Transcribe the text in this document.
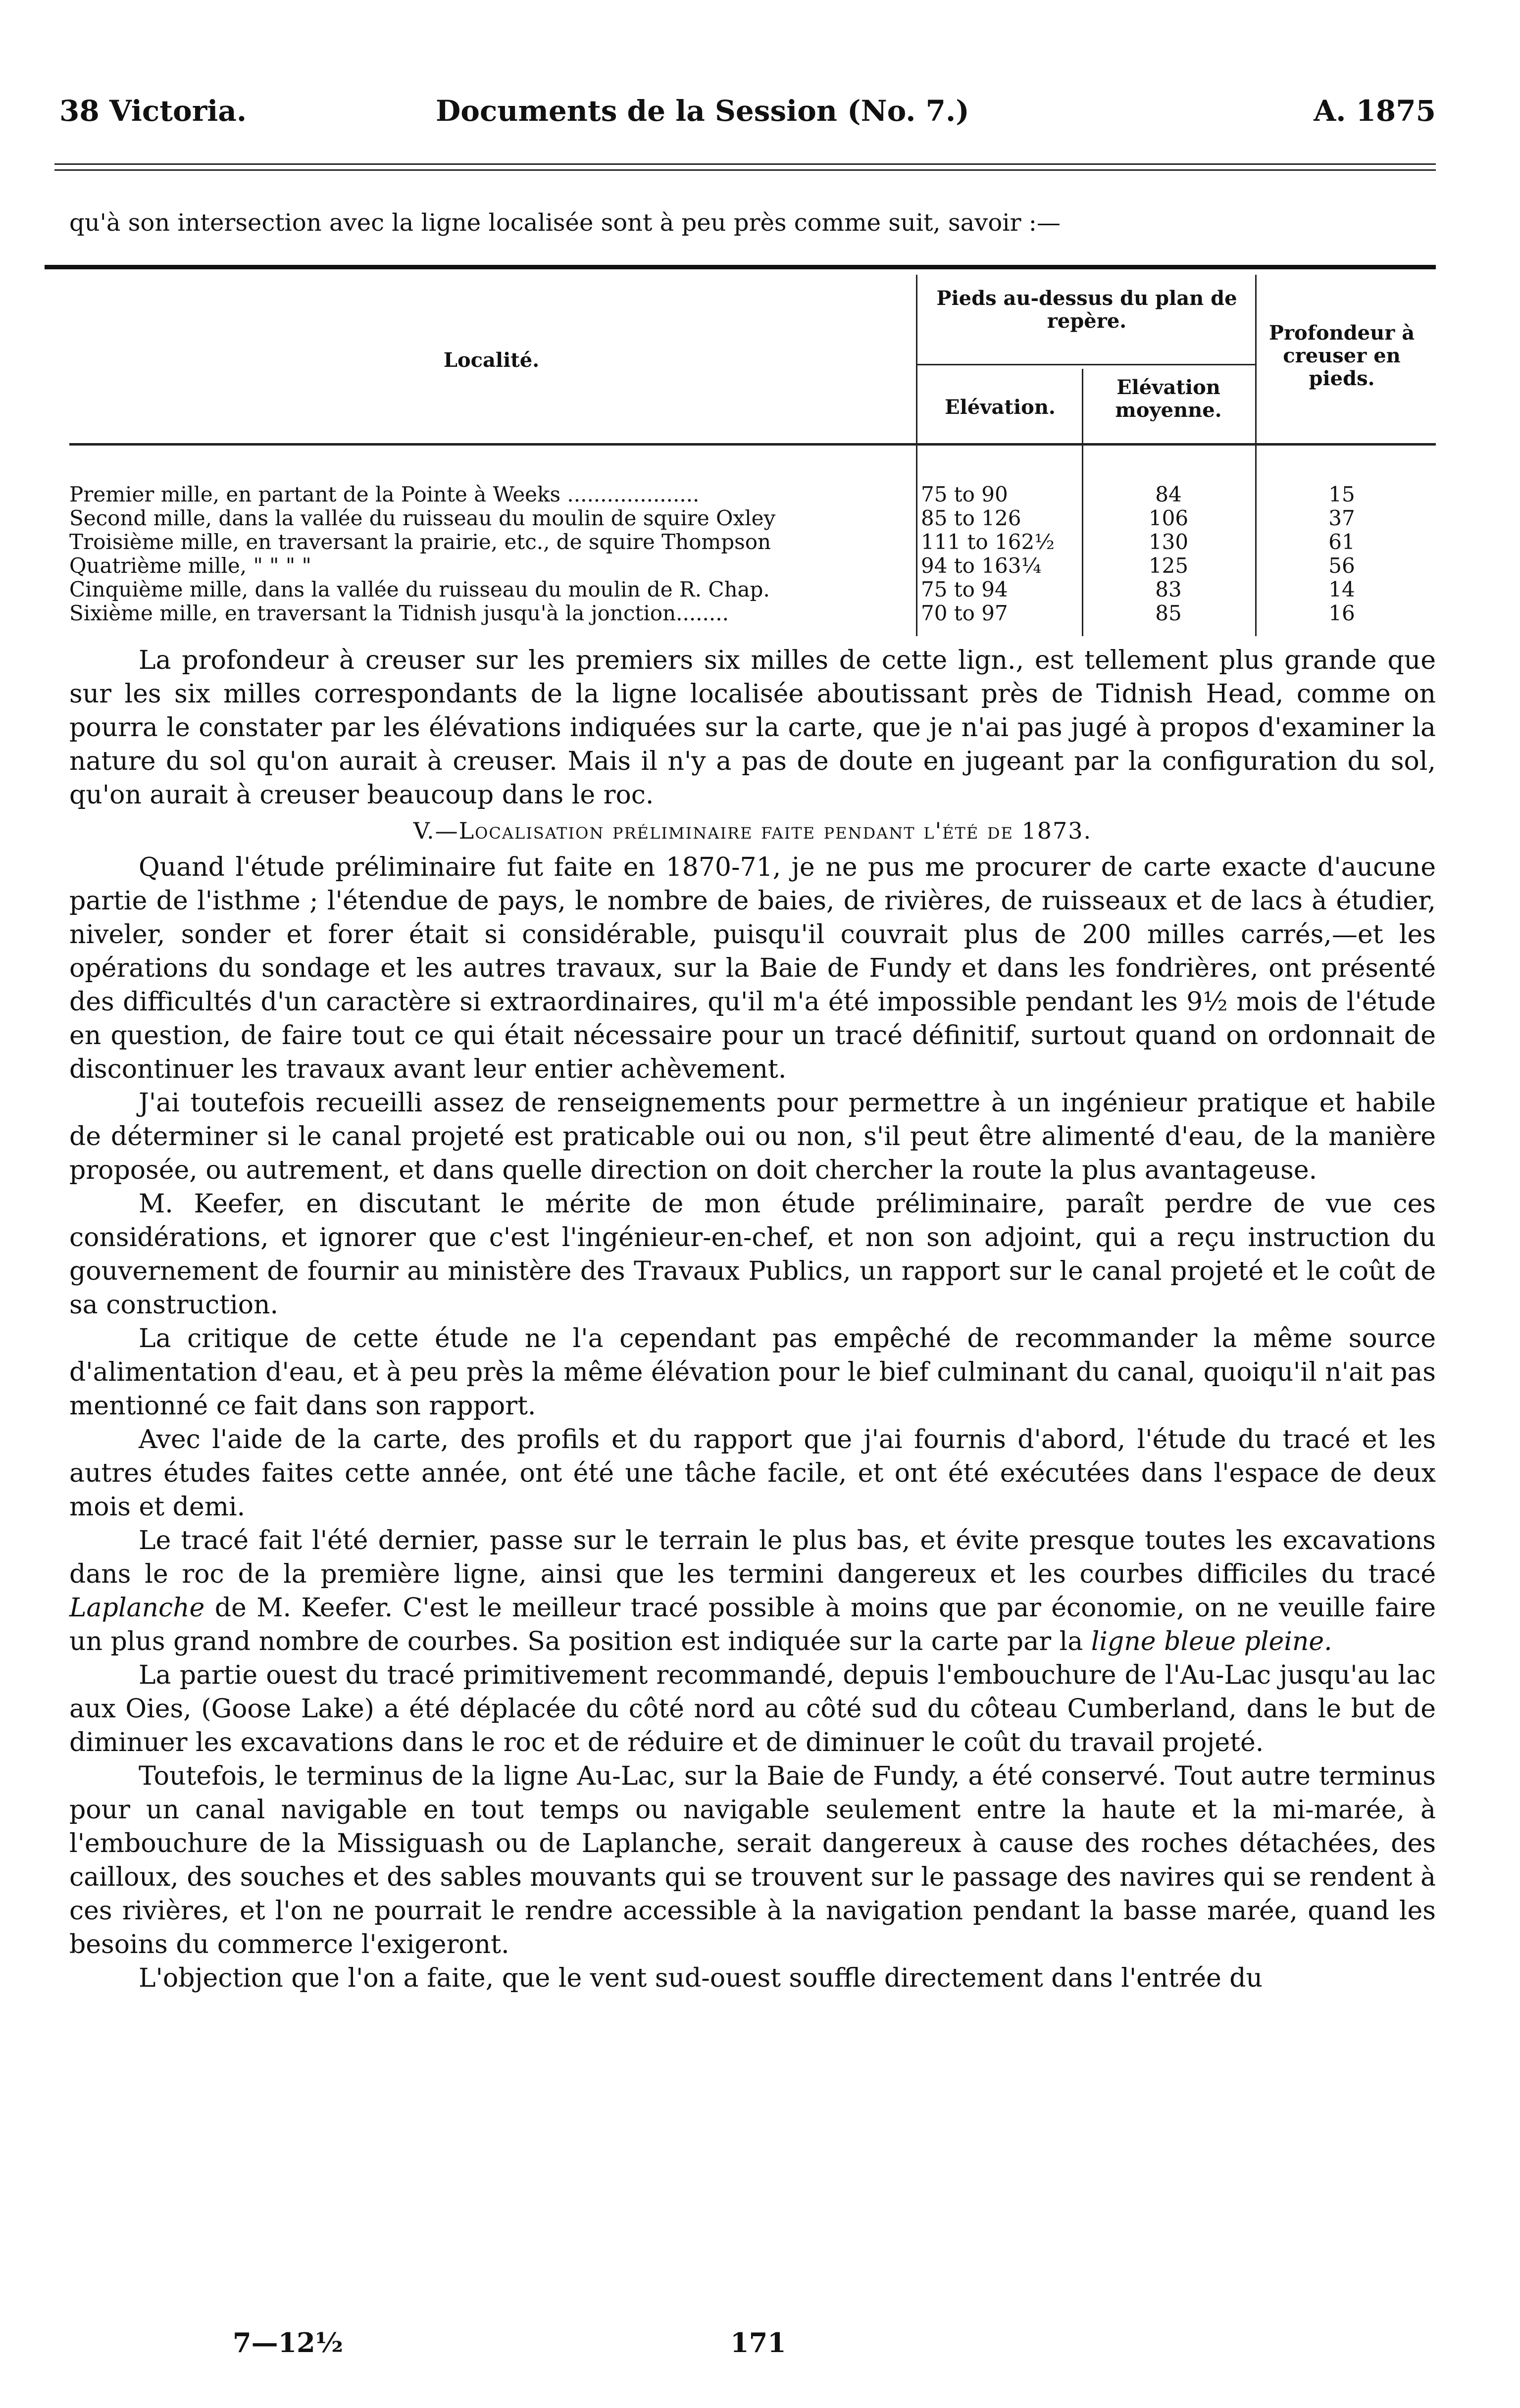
38 Victoria.	Documents de la Session (No. 7.)	A. 1875
qu'à son intersection avec la ligne localisée sont à peu près comme suit, savoir :—
Localité.
Pieds au-dessus du plan de repère.
Elévation.
Elévation moyenne.
Profondeur à creuser en pieds.
Premier mille, en partant de la Pointe à Weeks ....................	75 to 90	84	15
Second mille, dans la vallée du ruisseau du moulin de squire Oxley	85 to 126	106	37
Troisième mille, en traversant la prairie, etc., de squire Thompson	111 to 162½	130	61
Quatrième mille, " " " "	94 to 163¼	125	56
Cinquième mille, dans la vallée du ruisseau du moulin de R. Chap.	75 to 94	83	14
Sixième mille, en traversant la Tidnish jusqu'à la jonction........	70 to 97	85	16

La profondeur à creuser sur les premiers six milles de cette lign., est tellement plus grande que sur les six milles correspondants de la ligne localisée aboutissant près de Tidnish Head, comme on pourra le constater par les élévations indiquées sur la carte, que je n'ai pas jugé à propos d'examiner la nature du sol qu'on aurait à creuser. Mais il n'y a pas de doute en jugeant par la configuration du sol, qu'on aurait à creuser beaucoup dans le roc.

V.—Localisation préliminaire faite pendant l'été de 1873.

Quand l'étude préliminaire fut faite en 1870-71, je ne pus me procurer de carte exacte d'aucune partie de l'isthme ; l'étendue de pays, le nombre de baies, de rivières, de ruisseaux et de lacs à étudier, niveler, sonder et forer était si considérable, puisqu'il couvrait plus de 200 milles carrés,—et les opérations du sondage et les autres travaux, sur la Baie de Fundy et dans les fondrières, ont présenté des difficultés d'un caractère si extraordinaires, qu'il m'a été impossible pendant les 9½ mois de l'étude en question, de faire tout ce qui était nécessaire pour un tracé définitif, surtout quand on ordonnait de discontinuer les travaux avant leur entier achèvement.

J'ai toutefois recueilli assez de renseignements pour permettre à un ingénieur pratique et habile de déterminer si le canal projeté est praticable oui ou non, s'il peut être alimenté d'eau, de la manière proposée, ou autrement, et dans quelle direction on doit chercher la route la plus avantageuse.

M. Keefer, en discutant le mérite de mon étude préliminaire, paraît perdre de vue ces considérations, et ignorer que c'est l'ingénieur-en-chef, et non son adjoint, qui a reçu instruction du gouvernement de fournir au ministère des Travaux Publics, un rapport sur le canal projeté et le coût de sa construction.

La critique de cette étude ne l'a cependant pas empêché de recommander la même source d'alimentation d'eau, et à peu près la même élévation pour le bief culminant du canal, quoiqu'il n'ait pas mentionné ce fait dans son rapport.

Avec l'aide de la carte, des profils et du rapport que j'ai fournis d'abord, l'étude du tracé et les autres études faites cette année, ont été une tâche facile, et ont été exécutées dans l'espace de deux mois et demi.

Le tracé fait l'été dernier, passe sur le terrain le plus bas, et évite presque toutes les excavations dans le roc de la première ligne, ainsi que les termini dangereux et les courbes difficiles du tracé Laplanche de M. Keefer. C'est le meilleur tracé possible à moins que par économie, on ne veuille faire un plus grand nombre de courbes. Sa position est indiquée sur la carte par la ligne bleue pleine.

La partie ouest du tracé primitivement recommandé, depuis l'embouchure de l'Au-Lac jusqu'au lac aux Oies, (Goose Lake) a été déplacée du côté nord au côté sud du côteau Cumberland, dans le but de diminuer les excavations dans le roc et de réduire et de diminuer le coût du travail projeté.

Toutefois, le terminus de la ligne Au-Lac, sur la Baie de Fundy, a été conservé. Tout autre terminus pour un canal navigable en tout temps ou navigable seulement entre la haute et la mi-marée, à l'embouchure de la Missiguash ou de Laplanche, serait dangereux à cause des roches détachées, des cailloux, des souches et des sables mouvants qui se trouvent sur le passage des navires qui se rendent à ces rivières, et l'on ne pourrait le rendre accessible à la navigation pendant la basse marée, quand les besoins du commerce l'exigeront.

L'objection que l'on a faite, que le vent sud-ouest souffle directement dans l'entrée du

7—12½	171
